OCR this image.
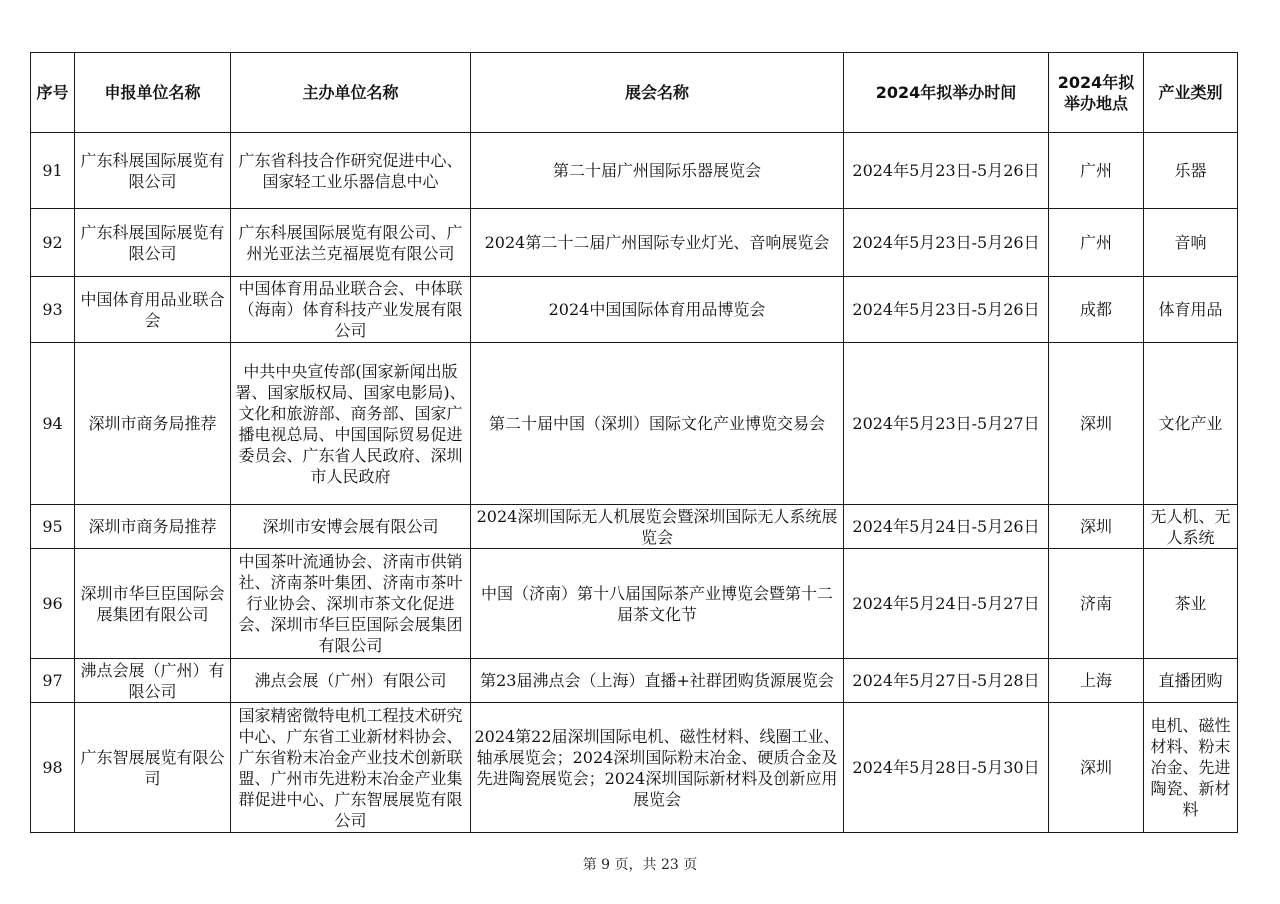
序号	申报单位名称	主办单位名称	展会名称	2024年拟举办时间	2024年拟举办地点	产业类别
91	广东科展国际展览有限公司	广东省科技合作研究促进中心、国家轻工业乐器信息中心	第二十届广州国际乐器展览会	2024年5月23日-5月26日	广州	乐器
92	广东科展国际展览有限公司	广东科展国际展览有限公司、广州光亚法兰克福展览有限公司	2024第二十二届广州国际专业灯光、音响展览会	2024年5月23日-5月26日	广州	音响
93	中国体育用品业联合会	中国体育用品业联合会、中体联（海南）体育科技产业发展有限公司	2024中国国际体育用品博览会	2024年5月23日-5月26日	成都	体育用品
94	深圳市商务局推荐	中共中央宣传部(国家新闻出版署、国家版权局、国家电影局)、文化和旅游部、商务部、国家广播电视总局、中国国际贸易促进委员会、广东省人民政府、深圳市人民政府	第二十届中国（深圳）国际文化产业博览交易会	2024年5月23日-5月27日	深圳	文化产业
95	深圳市商务局推荐	深圳市安博会展有限公司	2024深圳国际无人机展览会暨深圳国际无人系统展览会	2024年5月24日-5月26日	深圳	无人机、无人系统
96	深圳市华巨臣国际会展集团有限公司	中国茶叶流通协会、济南市供销社、济南茶叶集团、济南市茶叶行业协会、深圳市茶文化促进会、深圳市华巨臣国际会展集团有限公司	中国（济南）第十八届国际茶产业博览会暨第十二届茶文化节	2024年5月24日-5月27日	济南	茶业
97	沸点会展（广州）有限公司	沸点会展（广州）有限公司	第23届沸点会（上海）直播+社群团购货源展览会	2024年5月27日-5月28日	上海	直播团购
98	广东智展展览有限公司	国家精密微特电机工程技术研究中心、广东省工业新材料协会、广东省粉末冶金产业技术创新联盟、广州市先进粉末冶金产业集群促进中心、广东智展展览有限公司	2024第22届深圳国际电机、磁性材料、线圈工业、轴承展览会；2024深圳国际粉末冶金、硬质合金及先进陶瓷展览会；2024深圳国际新材料及创新应用展览会	2024年5月28日-5月30日	深圳	电机、磁性材料、粉末冶金、先进陶瓷、新材料
第 9 页，共 23 页
